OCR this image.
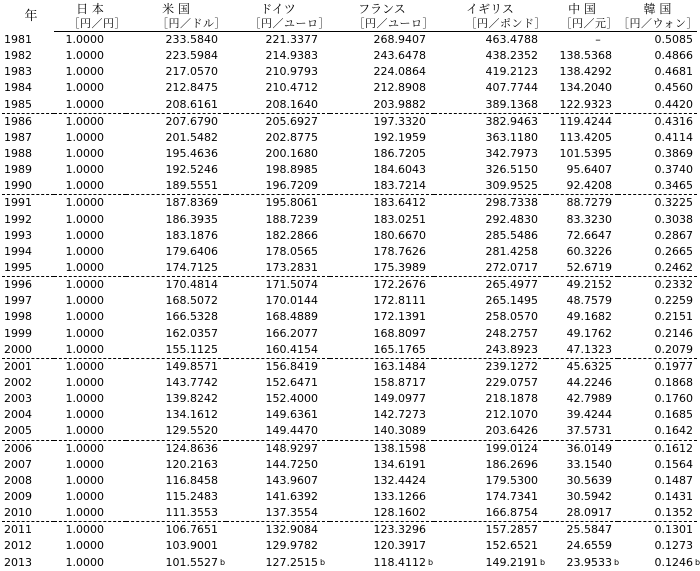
年	日 本	米 国	ドイツ	フランス	イギリス	中 国	韓 国
	［円／円］	［円／ドル］	［円／ユーロ］	［円／ユーロ］	［円／ポンド］	［円／元］	［円／ウォン］
1981	1.0000	233.5840	221.3377	268.9407	463.4788	–	0.5085
1982	1.0000	223.5984	214.9383	243.6478	438.2352	138.5368	0.4866
1983	1.0000	217.0570	210.9793	224.0864	419.2123	138.4292	0.4681
1984	1.0000	212.8475	210.4712	212.8908	407.7744	134.2040	0.4560
1985	1.0000	208.6161	208.1640	203.9882	389.1368	122.9323	0.4420
1986	1.0000	207.6790	205.6927	197.3320	382.9463	119.4244	0.4316
1987	1.0000	201.5482	202.8775	192.1959	363.1180	113.4205	0.4114
1988	1.0000	195.4636	200.1680	186.7205	342.7973	101.5395	0.3869
1989	1.0000	192.5246	198.8985	184.6043	326.5150	95.6407	0.3740
1990	1.0000	189.5551	196.7209	183.7214	309.9525	92.4208	0.3465
1991	1.0000	187.8369	195.8061	183.6412	298.7338	88.7279	0.3225
1992	1.0000	186.3935	188.7239	183.0251	292.4830	83.3230	0.3038
1993	1.0000	183.1876	182.2866	180.6670	285.5486	72.6647	0.2867
1994	1.0000	179.6406	178.0565	178.7626	281.4258	60.3226	0.2665
1995	1.0000	174.7125	173.2831	175.3989	272.0717	52.6719	0.2462
1996	1.0000	170.4814	171.5074	172.2676	265.4977	49.2152	0.2332
1997	1.0000	168.5072	170.0144	172.8111	265.1495	48.7579	0.2259
1998	1.0000	166.5328	168.4889	172.1391	258.0570	49.1682	0.2151
1999	1.0000	162.0357	166.2077	168.8097	248.2757	49.1762	0.2146
2000	1.0000	155.1125	160.4154	165.1765	243.8923	47.1323	0.2079
2001	1.0000	149.8571	156.8419	163.1484	239.1272	45.6325	0.1977
2002	1.0000	143.7742	152.6471	158.8717	229.0757	44.2246	0.1868
2003	1.0000	139.8242	152.4000	149.0977	218.1878	42.7989	0.1760
2004	1.0000	134.1612	149.6361	142.7273	212.1070	39.4244	0.1685
2005	1.0000	129.5520	149.4470	140.3089	203.6426	37.5731	0.1642
2006	1.0000	124.8636	148.9297	138.1598	199.0124	36.0149	0.1612
2007	1.0000	120.2163	144.7250	134.6191	186.2696	33.1540	0.1564
2008	1.0000	116.8458	143.9607	132.4424	179.5300	30.5639	0.1487
2009	1.0000	115.2483	141.6392	133.1266	174.7341	30.5942	0.1431
2010	1.0000	111.3553	137.3554	128.1602	166.8754	28.0917	0.1352
2011	1.0000	106.7651	132.9084	123.3296	157.2857	25.5847	0.1301
2012	1.0000	103.9001	129.9782	120.3917	152.6521	24.6559	0.1273
2013	1.0000	101.5527 b	127.2515 b	118.4112 b	149.2191 b	23.9533 b	0.1246 b
